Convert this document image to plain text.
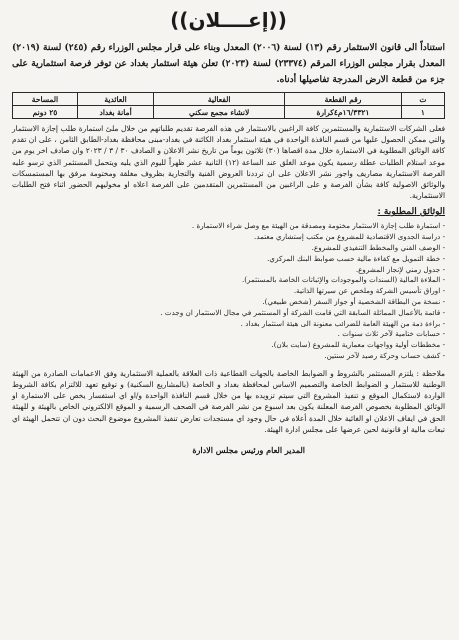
((إعــــلان))

استناداً الى قانون الاستثمار رقم (١٣) لسنة (٢٠٠٦) المعدل وبناء على قرار مجلس الوزراء رقم (٢٤٥) لسنة (٢٠١٩) المعدل بقرار مجلس الوزراء المرقم (٢٣٣٧٤) لسنة (٢٠٢٣) تعلن هيئة استثمار بغداد عن توفر فرصة استثمارية على جزء من قطعة الارض المدرجة تفاصيلها أدناه.

ت	رقم القطعة	الفعالية	العائدية	المساحة
١	١٦/٣٣٢١م٤كرارة	لانشاء مجمع سكني	أمانة بغداد	٢٥ دونم

فعلى الشركات الاستثمارية والمستثمرين كافة الراغبين بالاستثمار في هذه الفرصة تقديم طلباتهم من خلال ملئ استمارة طلب إجازة الاستثمار والتي ممكن الحصول عليها من قسم النافذة الواحدة في هيئة استثمار بغداد الكائنة في بغداد-مبنى محافظة بغداد-الطابق الثامن ، على ان تقدم كافة الوثائق المطلوبة في الاستمارة خلال مدة اقصاها (٣٠) ثلاثون يوماً من تاريخ نشر الاعلان و الصادف ٣٠ / ٣ / ٢٠٢٣ وان صادف اخر يوم من موعد استلام الطلبات عطلة رسمية يكون موعد الغلق عند الساعة (١٢) الثانية عشر ظهراً لليوم الذي يليه ويتحمل المستثمر الذي ترسو عليه الفرصة الاستثمارية مصاريف واجور نشر الاعلان على ان ترددنا العروض الفنية والتجارية بظروف مغلقة ومختومة مرفق بها المستمسكات والوثائق الاصولية كافة بشأن الفرصة و على الراغبين من المستثمرين المتقدمين على الفرصة اعلاه او مخوليهم الحضور اثناء فتح الطلبات الاستثمارية.

الوثائق المطلوبة :
- استمارة طلب إجازة الاستثمار مختومة ومصدقة من الهيئة مع وصل شراء الاستمارة .
- دراسة الجدوى الاقتصادية للمشروع من مكتب إستشاري معتمد.
- الوصف الفني والمخطط التنفيذي للمشروع.
- خطة التمويل مع كفاءة مالية حسب ضوابط البنك المركزي.
- جدول زمني لإنجاز المشروع.
- الملاءة المالية (السندات والموجودات والإثباتات الخاصة بالمستثمر).
- اوراق تأسيس الشركة وملخص عن سيرتها الذاتية.
- نسخة من البطاقة الشخصية أو جواز السفر (شخص طبيعي).
- قائمة بالأعمال المماثلة السابقة التي قامت الشركة أو المستثمر في مجال الاستثمار ان وجدت .
- براءة ذمة من الهيئة العامة للضرائب معنونة الى هيئة استثمار بغداد .
- حسابات ختامية لآخر ثلاث سنوات .
- مخططات أولية وواجهات معمارية للمشروع (سايت بلان).
- كشف حساب وحركة رصيد لآخر سنتين.

ملاحظة : يلتزم المستثمر بالشروط و الضوابط الخاصة بالجهات القطاعية ذات العلاقة بالعملية الاستثمارية وفق الاعمامات الصادرة من الهيئة الوطنية للاستثمار و الضوابط الخاصة والتصميم الاساس لمحافظة بغداد و الخاصة (بالمشاريع السكنية) و توقيع تعهد للالتزام بكافة الشروط الواردة لاستكمال الموقع و تنفيذ المشروع التي سيتم تزويده بها من خلال قسم النافذة الواحدة و/او اي استفسار يخص على الاستمارة او الوثائق المطلوبة بخصوص الفرصة المعلنة يكون بعد اسبوع من نشر الفرصة في الصحف الرسمية و الموقع الالكتروني الخاص بالهيئة و للهيئة الحق في ايقاف الاعلان او الغائية خلال المدة أعلاه في حال وجود اي مستجدات تعارض تنفيذ المشروع موضوع البحث دون ان تتحمل الهيئة اي تبعات مالية او قانونية لحين عرضها على مجلس ادارة الهيئة.

المدير العام ورئيس مجلس الادارة
